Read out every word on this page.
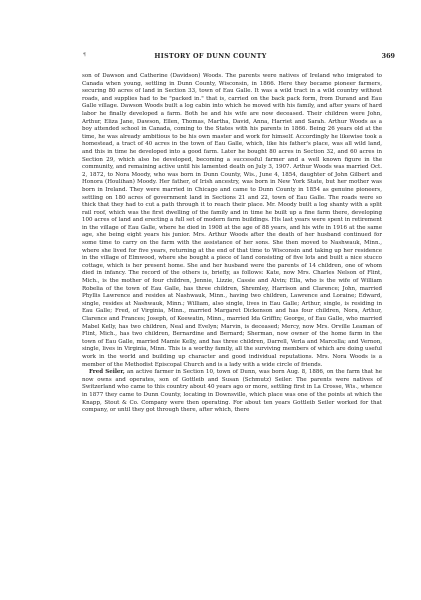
¶	HISTORY OF DUNN COUNTY	369

son of Dawson and Catherine (Davidson) Woods. The parents were natives of Ireland who imigrated to Canada when young, settling in Dunn County, Wisconsin, in 1866. Here they became pioneer farmers, securing 80 acres of land in Section 33, town of Eau Galle. It was a wild tract in a wild country without roads, and supplies had to be "packed in." that is, carried on the back pack form, from Durand and Eau Galle village. Dawson Woods built a log cabin into which he moved with his family, and after years of hard labor he finally developed a farm. Both he and his wife are now deceased. Their children were John, Arthur, Eliza Jane, Dawson, Ellen, Thomas, Martha, David, Anna, Harriet and Sarah. Arthur Woods as a boy attended school in Canada, coming to the States with his parents in 1866. Being 26 years old at the time, he was already ambitious to be his own master and work for himself. Accordingly he likewise took a homestead, a tract of 40 acres in the town of Eau Galle, which, like his father's place, was all wild land, and this in time he developed into a good farm. Later he bought 80 acres in Section 32, and 60 acres in Section 29, which also he developed, becoming a successful farmer and a well known figure in the community, and remaining active until his lamented death on July 3, 1907. Arthur Woods was married Oct. 2, 1872, to Nora Moody, who was born in Dunn County, Wis., June 4, 1854, daughter of John Gilbert and Honora (Houlihan) Moody. Her father, of Irish ancestry, was born in New York State, but her mother was born in Ireland. They were married in Chicago and came to Dunn County in 1854 as genuine pioneers, settling on 180 acres of government land in Sections 21 and 22, town of Eau Galle. The roads were so thick that they had to cut a path through it to reach their place. Mr. Moody built a log shanty with a split rail roof, which was the first dwelling of the family and in time he built up a fine farm there, developing 100 acres of land and erecting a full set of modern farm buildings. His last years were spent in retirement in the village of Eau Galle, where he died in 1908 at the age of 88 years, and his wife in 1916 at the same age, she being eight years his junior. Mrs. Arthur Woods after the death of her husband continued for some time to carry on the farm with the assistance of her sons. She then moved to Nashwauk, Minn., where she lived for five years, returning at the end of that time to Wisconsin and taking up her residence in the village of Elmwood, where she bought a piece of land consisting of five lots and built a nice stucco cottage, which is her present home. She and her husband were the parents of 14 children, one of whom died in infancy. The record of the others is, briefly, as follows: Kate, now Mrs. Charles Nelson of Flint, Mich., is the mother of four children, Jennie, Lizzie, Cassie and Alvin; Ella, who is the wife of William Robelia of the town of Eau Galle, has three children, Shremley, Harrison and Clarence; John, married Phyllis Lawrence and resides at Nashwauk, Minn., having two children, Lawrence and Loraine; Edward, single, resides at Nashwauk, Minn.; William, also single, lives in Eau Galle; Arthur, single, is residing in Eau Galle; Fred, of Virginia, Minn., married Margaret Dickenson and has four children, Nora, Arthur, Clarence and Frances; Joseph, of Keewatin, Minn., married Ida Griffin; George, of Eau Galle, who married Mabel Kelly, has two children, Neal and Evelyn; Marvin, is deceased; Mercy, now Mrs. Orville Leaman of Flint, Mich., has two children, Bernardine and Bernard; Sherman, now owner of the home farm in the town of Eau Galle, married Mamie Kelly, and has three children, Darrell, Verla and Marcella; and Vernon, single, lives in Virginia, Minn. This is a worthy family, all the surviving members of which are doing useful work in the world and building up character and good individual reputations. Mrs. Nora Woods is a member of the Methodist Episcopal Church and is a lady with a wide circle of friends.

Fred Seiler, an active farmer in Section 10, town of Dunn, was born Aug. 8, 1886, on the farm that he now owns and operates, son of Gottleib and Susan (Schmutz) Seiler. The parents were natives of Switzerland who came to this country about 40 years ago or more, settling first in La Crosse, Wis., whence in 1877 they came to Dunn County, locating in Downsville, which place was one of the points at which the Knapp, Stout & Co. Company were then operating. For about ten years Gottleib Seiler worked for that company, or until they got through there, after which, there
